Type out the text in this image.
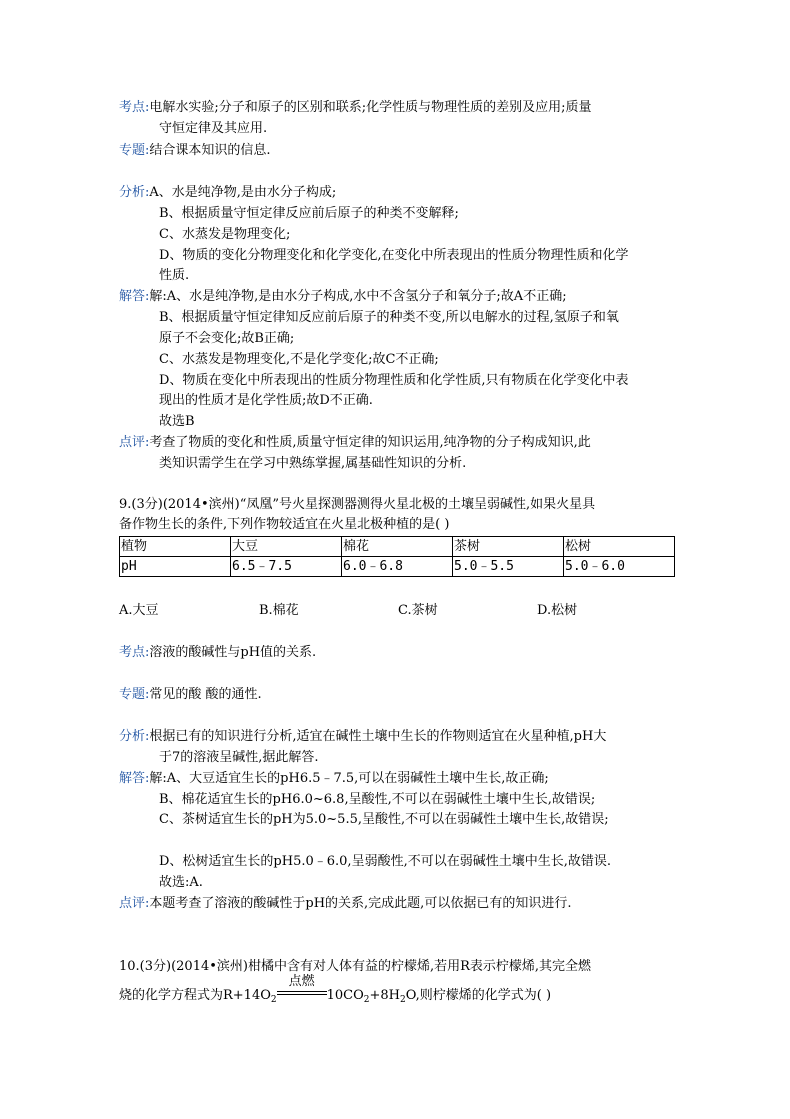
考点:电解水实验;分子和原子的区别和联系;化学性质与物理性质的差别及应用;质量
守恒定律及其应用.
专题:结合课本知识的信息.
分析:A、水是纯净物,是由水分子构成;
B、根据质量守恒定律反应前后原子的种类不变解释;
C、水蒸发是物理变化;
D、物质的变化分物理变化和化学变化,在变化中所表现出的性质分物理性质和化学
性质.
解答:解:A、水是纯净物,是由水分子构成,水中不含氢分子和氧分子;故A不正确;
B、根据质量守恒定律知反应前后原子的种类不变,所以电解水的过程,氢原子和氧
原子不会变化;故B正确;
C、水蒸发是物理变化,不是化学变化;故C不正确;
D、物质在变化中所表现出的性质分物理性质和化学性质,只有物质在化学变化中表
现出的性质才是化学性质;故D不正确.
故选B
点评:考查了物质的变化和性质,质量守恒定律的知识运用,纯净物的分子构成知识,此
类知识需学生在学习中熟练掌握,属基础性知识的分析.
9.(3分)(2014•滨州)“凤凰”号火星探测器测得火星北极的土壤呈弱碱性,如果火星具
备作物生长的条件,下列作物较适宜在火星北极种植的是( )
植物	大豆	棉花	茶树	松树
pH	6.5﹣7.5	6.0﹣6.8	5.0﹣5.5	5.0﹣6.0
A.大豆	B.棉花	C.茶树	D.松树
考点:溶液的酸碱性与pH值的关系.
专题:常见的酸 酸的通性.
分析:根据已有的知识进行分析,适宜在碱性土壤中生长的作物则适宜在火星种植,pH大
于7的溶液呈碱性,据此解答.
解答:解:A、大豆适宜生长的pH6.5﹣7.5,可以在弱碱性土壤中生长,故正确;
B、棉花适宜生长的pH6.0~6.8,呈酸性,不可以在弱碱性土壤中生长,故错误;
C、茶树适宜生长的pH为5.0~5.5,呈酸性,不可以在弱碱性土壤中生长,故错误;
D、松树适宜生长的pH5.0﹣6.0,呈弱酸性,不可以在弱碱性土壤中生长,故错误.
故选:A.
点评:本题考查了溶液的酸碱性于pH的关系,完成此题,可以依据已有的知识进行.
10.(3分)(2014•滨州)柑橘中含有对人体有益的柠檬烯,若用R表示柠檬烯,其完全燃
烧的化学方程式为$R+14O_2$
点燃
$10CO_2+8H_2O$,则柠檬烯的化学式为( )
